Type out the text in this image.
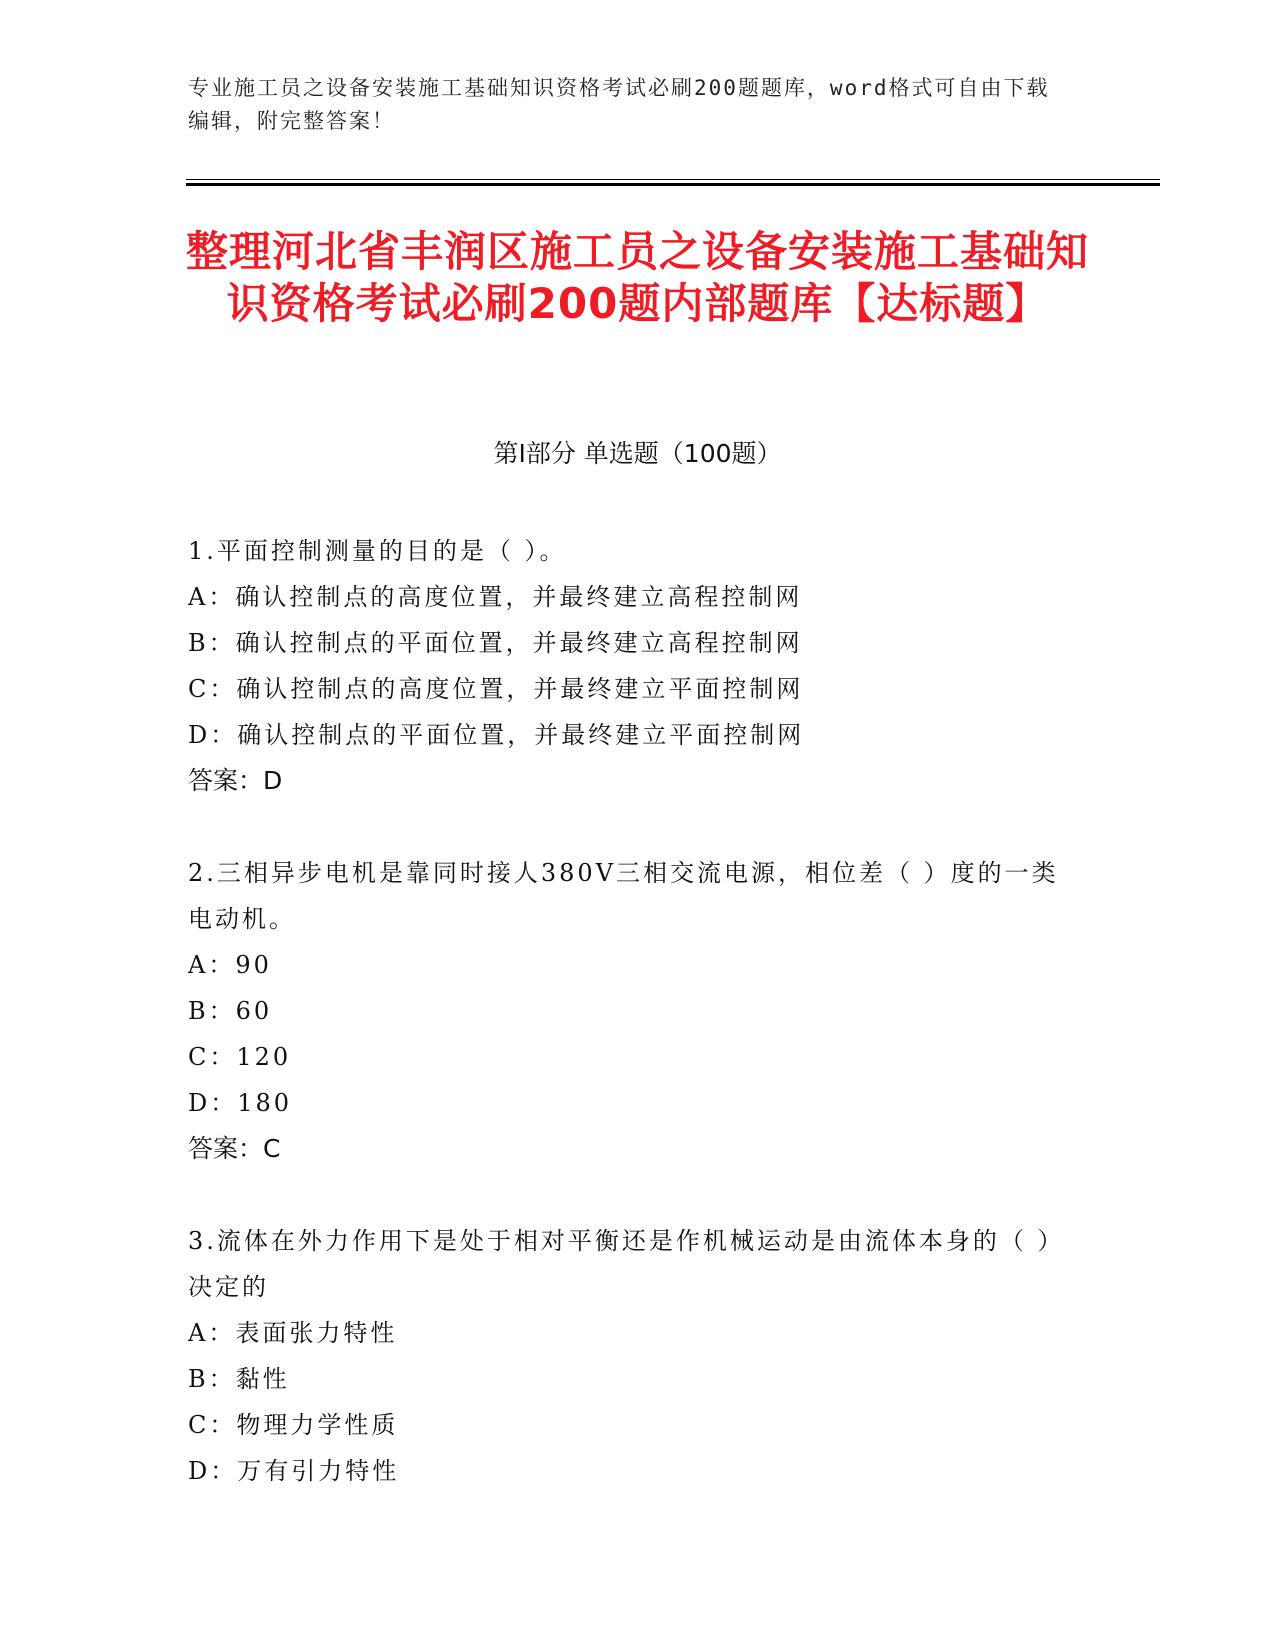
专业施工员之设备安装施工基础知识资格考试必刷200题题库，word格式可自由下载编辑，附完整答案！
整理河北省丰润区施工员之设备安装施工基础知识资格考试必刷200题内部题库【达标题】
第Ⅰ部分 单选题（100题）
1.平面控制测量的目的是（ ）。
A：确认控制点的高度位置，并最终建立高程控制网
B：确认控制点的平面位置，并最终建立高程控制网
C：确认控制点的高度位置，并最终建立平面控制网
D：确认控制点的平面位置，并最终建立平面控制网
答案：D
2.三相异步电机是靠同时接人380V三相交流电源，相位差（ ）度的一类电动机。
A：90
B：60
C：120
D：180
答案：C
3.流体在外力作用下是处于相对平衡还是作机械运动是由流体本身的（ ）决定的
A：表面张力特性
B：黏性
C：物理力学性质
D：万有引力特性
